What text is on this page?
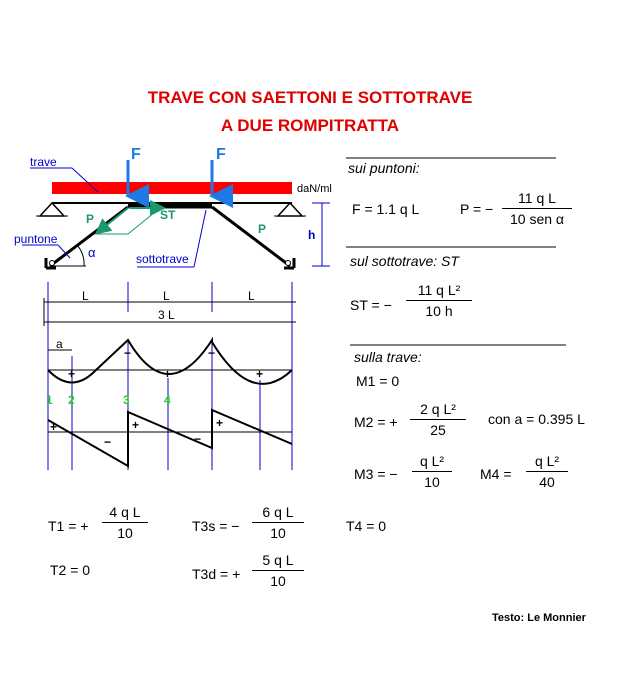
TRAVE CON SAETTONI E SOTTOTRAVE
A DUE ROMPITRATTA
trave
puntone
sottotrave
daN/ml
F	F
P	ST
P
α
h
L	L	L
3 L
a
+
−
+
−
+
1 2	3	4
+
−
+
−
+
sui puntoni:
F = 1.1 q L	P = −
11 q L
10 sen α
sul sottotrave: ST
ST = −
11 q L²
10 h
sulla trave:
M1 = 0
M2 = +
2 q L²
25
con a = 0.395 L
M3 = −
q L²
10	M4 =
q L²
40
T1 = +
4 q L
10	T3s = −
6 q L
10	T4 = 0
T2 = 0	T3d = +
5 q L
10
Testo: Le Monnier
